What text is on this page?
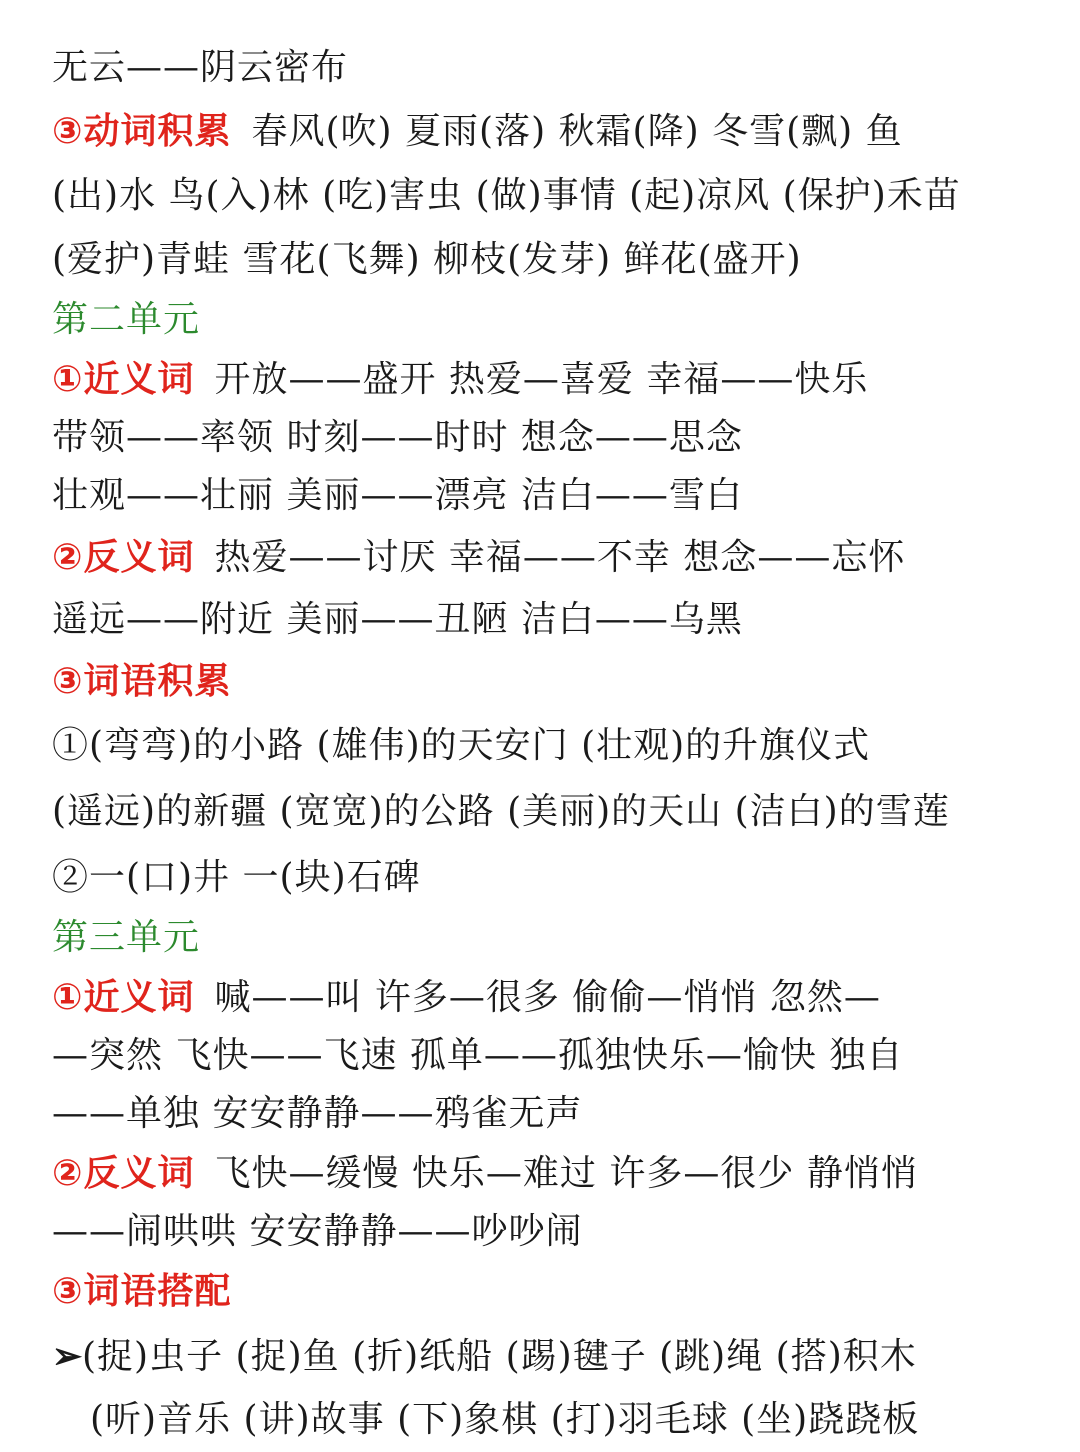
无云——阴云密布
③动词积累 春风(吹) 夏雨(落) 秋霜(降) 冬雪(飘) 鱼
(出)水 鸟(入)林 (吃)害虫 (做)事情 (起)凉风 (保护)禾苗
(爱护)青蛙 雪花(飞舞) 柳枝(发芽) 鲜花(盛开)
第二单元
①近义词 开放——盛开 热爱—喜爱 幸福——快乐
带领——率领 时刻——时时 想念——思念
壮观——壮丽 美丽——漂亮 洁白——雪白
②反义词 热爱——讨厌 幸福——不幸 想念——忘怀
遥远——附近 美丽——丑陋 洁白——乌黑
③词语积累
①(弯弯)的小路 (雄伟)的天安门 (壮观)的升旗仪式
(遥远)的新疆 (宽宽)的公路 (美丽)的天山 (洁白)的雪莲
②一(口)井 一(块)石碑
第三单元
①近义词 喊——叫 许多—很多 偷偷—悄悄 忽然—
—突然 飞快——飞速 孤单——孤独快乐—愉快 独自
——单独 安安静静——鸦雀无声
②反义词 飞快—缓慢 快乐—难过 许多—很少 静悄悄
——闹哄哄 安安静静——吵吵闹
③词语搭配
➢(捉)虫子 (捉)鱼 (折)纸船 (踢)毽子 (跳)绳 (搭)积木
(听)音乐 (讲)故事 (下)象棋 (打)羽毛球 (坐)跷跷板
